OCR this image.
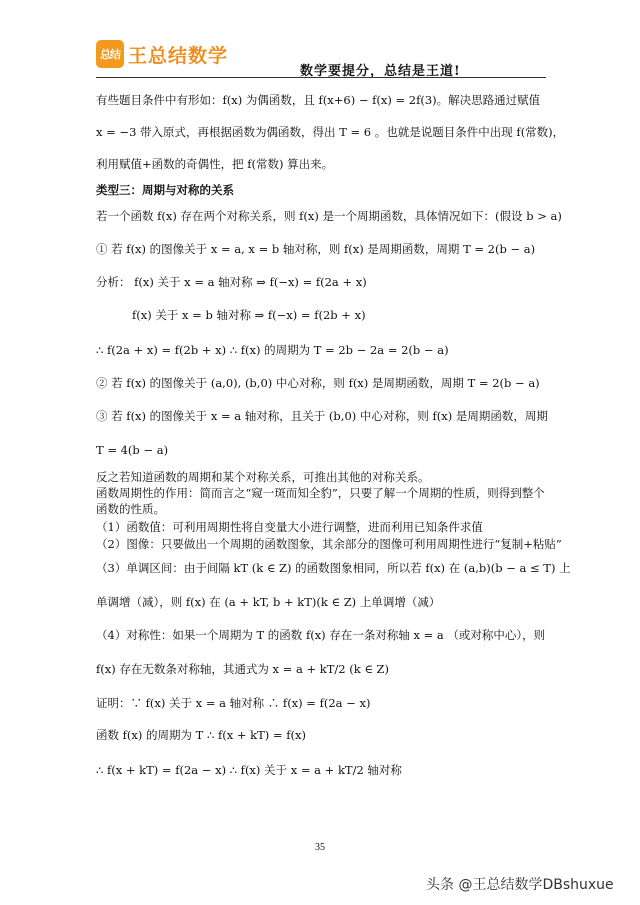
总结 王总结数学
数学要提分，总结是王道!
有些题目条件中有形如：f(x) 为偶函数，且 f(x+6) − f(x) = 2f(3)。解决思路通过赋值
x = −3 带入原式，再根据函数为偶函数，得出 T = 6 。也就是说题目条件中出现 f(常数)，
利用赋值+函数的奇偶性，把 f(常数) 算出来。
类型三：周期与对称的关系
若一个函数 f(x) 存在两个对称关系，则 f(x) 是一个周期函数，具体情况如下：(假设 b > a)
① 若 f(x) 的图像关于 x = a, x = b 轴对称，则 f(x) 是周期函数，周期 T = 2(b − a)
分析： f(x) 关于 x = a 轴对称 ⇒ f(−x) = f(2a + x)
f(x) 关于 x = b 轴对称 ⇒ f(−x) = f(2b + x)
∴ f(2a + x) = f(2b + x) ∴ f(x) 的周期为 T = 2b − 2a = 2(b − a)
② 若 f(x) 的图像关于 (a,0), (b,0) 中心对称，则 f(x) 是周期函数，周期 T = 2(b − a)
③ 若 f(x) 的图像关于 x = a 轴对称，且关于 (b,0) 中心对称，则 f(x) 是周期函数，周期
T = 4(b − a)
反之若知道函数的周期和某个对称关系，可推出其他的对称关系。
函数周期性的作用：简而言之“窥一斑而知全豹”，只要了解一个周期的性质，则得到整个
函数的性质。
（1）函数值：可利用周期性将自变量大小进行调整，进而利用已知条件求值
（2）图像：只要做出一个周期的函数图象，其余部分的图像可利用周期性进行“复制+粘贴”
（3）单调区间：由于间隔 kT (k ∈ Z) 的函数图象相同，所以若 f(x) 在 (a,b)(b − a ≤ T) 上
单调增（减），则 f(x) 在 (a + kT, b + kT)(k ∈ Z) 上单调增（减）
（4）对称性：如果一个周期为 T 的函数 f(x) 存在一条对称轴 x = a （或对称中心），则
f(x) 存在无数条对称轴，其通式为 x = a + kT/2 (k ∈ Z)
证明：∵ f(x) 关于 x = a 轴对称 ∴ f(x) = f(2a − x)
函数 f(x) 的周期为 T ∴ f(x + kT) = f(x)
∴ f(x + kT) = f(2a − x) ∴ f(x) 关于 x = a + kT/2 轴对称
35
头条 @王总结数学DBshuxue
